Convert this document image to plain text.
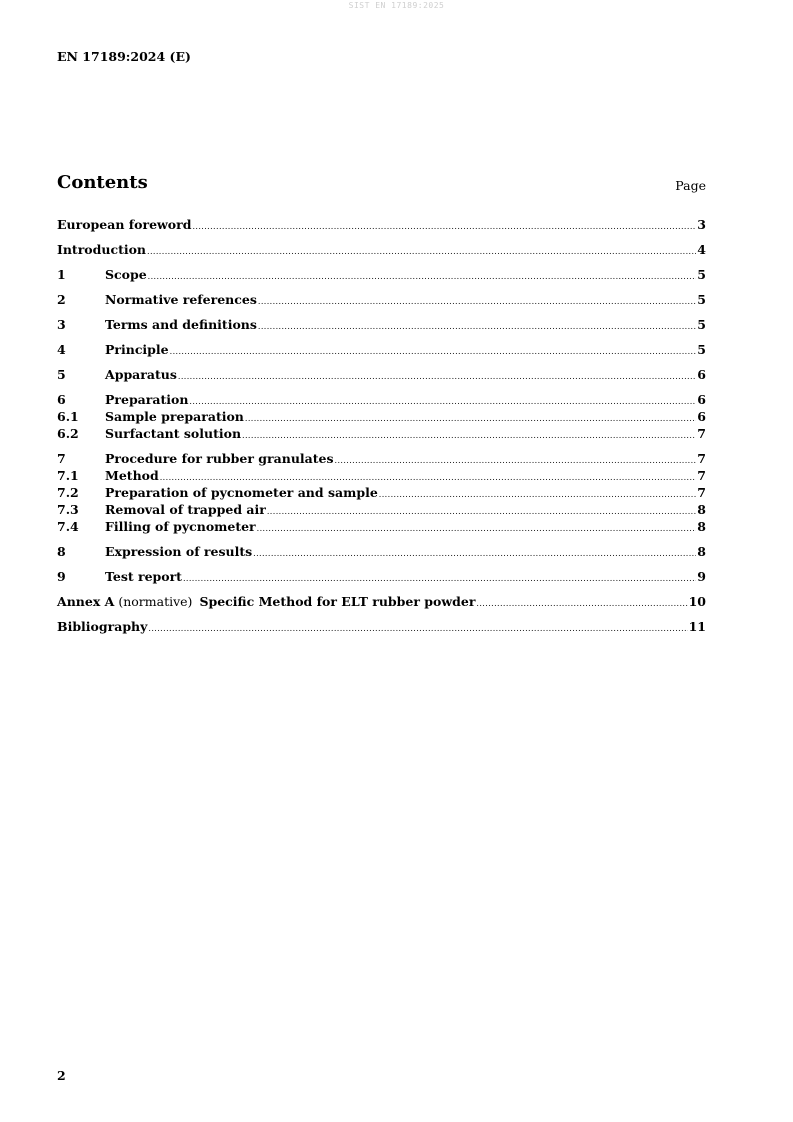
SIST EN 17189:2025
EN 17189:2024 (E)
Contents	Page
European foreword .....	3
Introduction .....	4
1	Scope .....	5
2	Normative references .....	5
3	Terms and definitions .....	5
4	Principle .....	5
5	Apparatus .....	6
6	Preparation .....	6
6.1	Sample preparation .....	6
6.2	Surfactant solution .....	7
7	Procedure for rubber granulates .....	7
7.1	Method .....	7
7.2	Preparation of pycnometer and sample .....	7
7.3	Removal of trapped air .....	8
7.4	Filling of pycnometer .....	8
8	Expression of results .....	8
9	Test report .....	9
Annex A (normative) Specific Method for ELT rubber powder .....	10
Bibliography .....	11
2
